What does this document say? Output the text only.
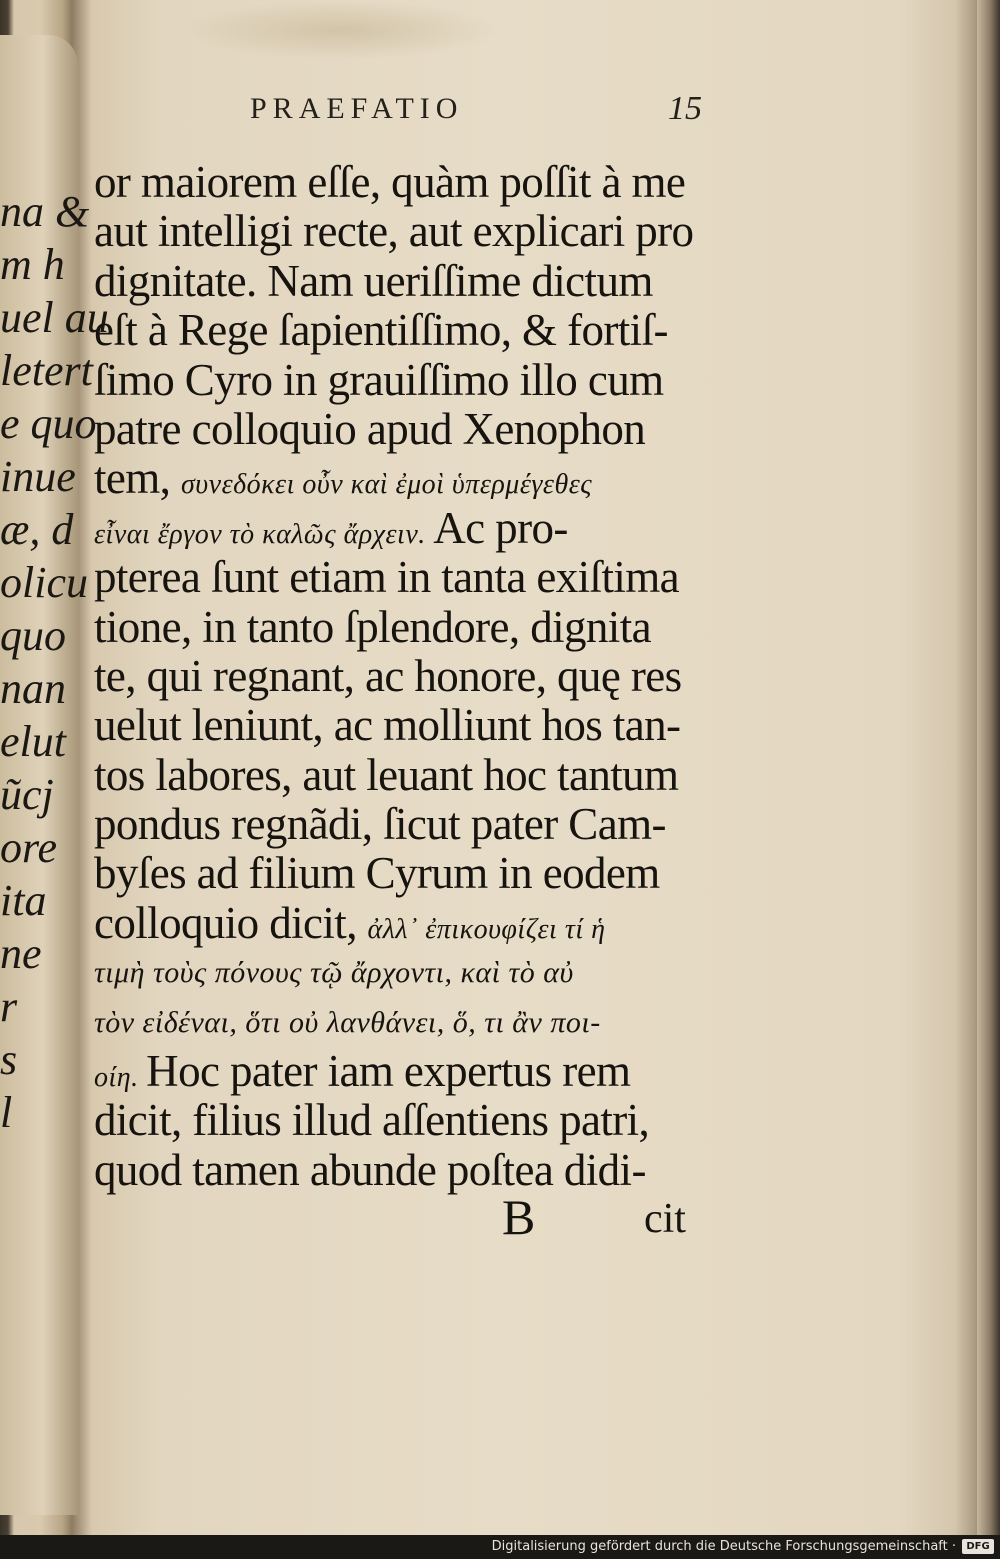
na &
m h
uel au
letert
e quo
inue
æ, d
olicu
quo
nan
elut
ũcj
ore
ita
ne
r
s
l
PRAEFATIO	15
or maiorem eſſe, quàm poſſit à me
aut intelligi recte, aut explicari pro
dignitate. Nam ueriſſime dictum
eſt à Rege ſapientiſſimo, & fortiſ-
ſimo Cyro in grauiſſimo illo cum
patre colloquio apud Xenophon
tem, συνεδόκει οὖν καὶ ἐμοὶ ὑπερμέγεθες
εἶναι ἔργον τὸ καλῶς ἄρχειν. Ac pro-
pterea ſunt etiam in tanta exiſtima
tione, in tanto ſplendore, dignita
te, qui regnant, ac honore, quę res
uelut leniunt, ac molliunt hos tan-
tos labores, aut leuant hoc tantum
pondus regnãdi, ſicut pater Cam-
byſes ad filium Cyrum in eodem
colloquio dicit, ἀλλ᾽ ἐπικουφίζει τί ἡ
τιμὴ τοὺς πόνους τῷ ἄρχοντι, καὶ τὸ αὐ
τὸν εἰδέναι, ὅτι οὐ λανθάνει, ὅ, τι ἂν ποι-
οίη. Hoc pater iam expertus rem
dicit, filius illud aſſentiens patri,
quod tamen abunde poſtea didi-
B	cit
Digitalisierung gefördert durch die Deutsche Forschungsgemeinschaft ·	DFG
